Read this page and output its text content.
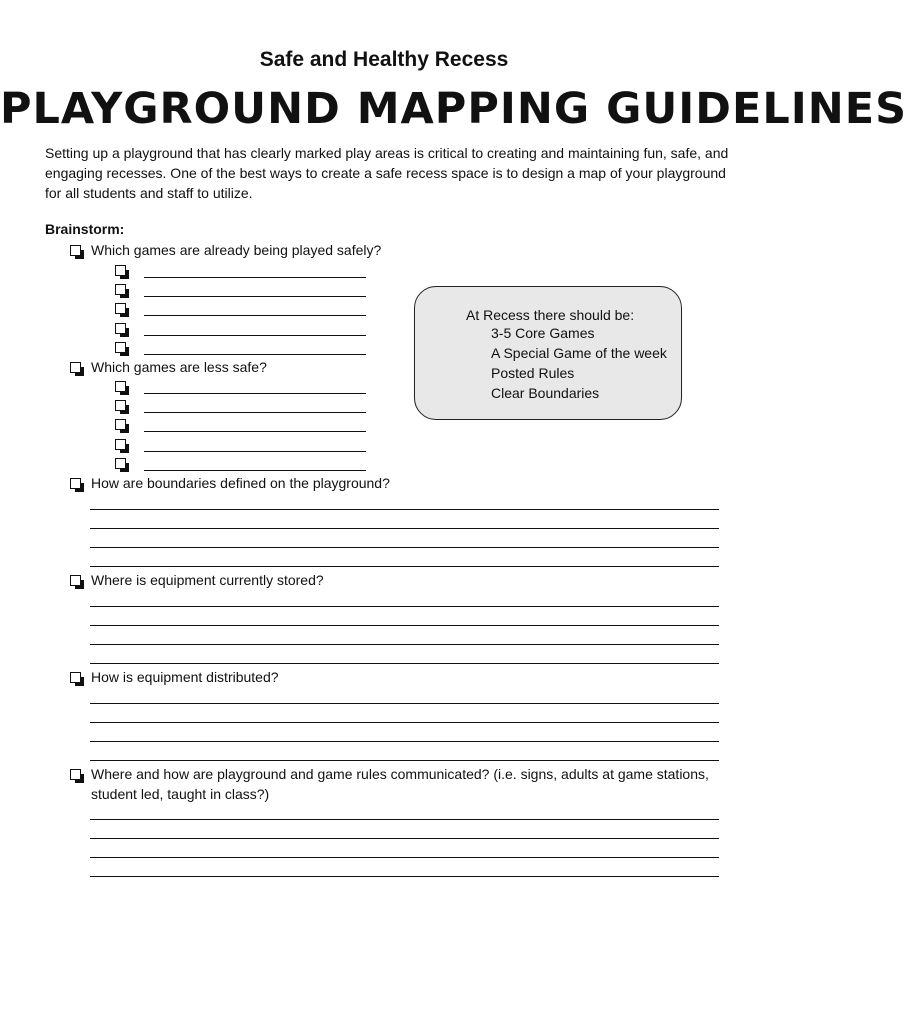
Safe and Healthy Recess
PLAYGROUND MAPPING GUIDELINES
Setting up a playground that has clearly marked play areas is critical to creating and maintaining fun, safe, and engaging recesses. One of the best ways to create a safe recess space is to design a map of your playground for all students and staff to utilize.
Brainstorm:
Which games are already being played safely?
Which games are less safe?
At Recess there should be:
3-5 Core Games
A Special Game of the week
Posted Rules
Clear Boundaries
How are boundaries defined on the playground?
Where is equipment currently stored?
How is equipment distributed?
Where and how are playground and game rules communicated? (i.e. signs, adults at game stations, student led, taught in class?)
